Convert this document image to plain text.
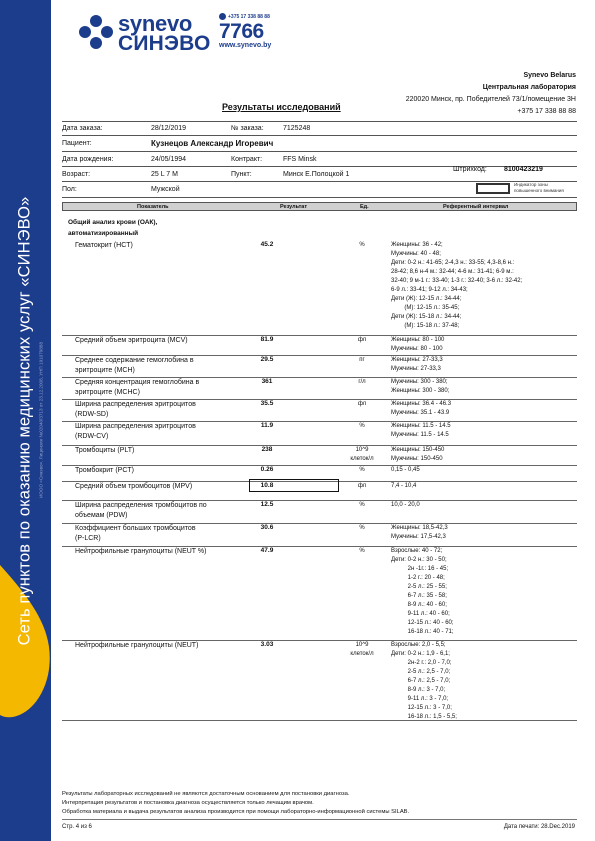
Сеть пунктов по оказанию медицинских услуг «СИНЭВО» ИООО «Синэво». Лицензия №02040/3713 от 23.12.2008, УНП 191079888
synevo
СИНЭВО
+375 17 338 88 88
7766
www.synevo.by
Synevo Belarus
Центральная лаборатория
220020 Минск, пр. Победителей 73/1/помещение 3Н
+375 17 338 88 88
Результаты исследований
Дата заказа:	28/12/2019	№ заказа:	7125248
Пациент:	Кузнецов Александр Игоревич
Дата рождения:	24/05/1994	Контракт:	FFS Minsk
Возраст:	25 L 7 M	Пункт:	Минск Е.Полоцкой 1
Штрихкод: 8100423219
Пол:	Мужской
Индикатор зоны
повышенного внимания
Показатель	Результат	Ед.	Референтный интервал
Общий анализ крови (ОАК),
автоматизированный
Гематокрит (HCT)	45.2	%	Женщины: 36 - 42;
Мужчины: 40 - 48;
Дети: 0-2 н.: 41-65; 2-4,3 н.: 33-55; 4,3-8,6 н.:
28-42; 8,6 н-4 м.: 32-44; 4-6 м.: 31-41; 6-9 м.:
32-40; 9 м-1 г.: 33-40; 1-3 г.: 32-40; 3-6 л.: 32-42;
6-9 л.: 33-41; 9-12 л.: 34-43;
Дети (Ж): 12-15 л.: 34-44;
(М): 12-15 л.: 35-45;
Дети (Ж): 15-18 л.: 34-44;
(М): 15-18 л.: 37-48;
Средний объем эритроцита (MCV)	81.9	фл	Женщины: 80 - 100
Мужчины: 80 - 100
Среднее содержание гемоглобина в
эритроците (MCH)
29.5	пг	Женщины: 27-33,3
Мужчины: 27-33,3
Средняя концентрация гемоглобина в
эритроците (MCHC)
361	г/л	Мужчины: 300 - 380;
Женщины: 300 - 380;
Ширина распределения эритроцитов
(RDW-SD)
35.5	фл	Женщины: 36.4 - 46.3
Мужчины: 35.1 - 43.9
Ширина распределения эритроцитов
(RDW-CV)
11.9	%	Женщины: 11.5 - 14.5
Мужчины: 11.5 - 14.5
Тромбоциты (PLT)	238	10^9
клеток/л
Женщины: 150-450
Мужчины: 150-450
Тромбокрит (PCT)	0.26	%	0,15 - 0,45
Средний объем тромбоцитов (MPV)	10.8	фл	7,4 - 10,4
Ширина распределения тромбоцитов по
объемам (PDW)
12.5	%	10,0 - 20,0
Коэффициент больших тромбоцитов
(P-LCR)
30.6	%	Женщины: 18,5-42,3
Мужчины: 17,5-42,3
Нейтрофильные гранулоциты (NEUT %)	47.9	%	Взрослые: 40 - 72;
Дети: 0-2 н.: 30 - 50;
2н -1г.: 16 - 45;
1-2 г.: 20 - 48;
2-5 л.: 25 - 55;
6-7 л.: 35 - 58;
8-9 л.: 40 - 60;
9-11 л.: 40 - 60;
12-15 л.: 40 - 60;
16-18 л.: 40 - 71;
Нейтрофильные гранулоциты (NEUT)	3.03	10^9
клеток/л
Взрослые: 2,0 - 5,5;
Дети: 0-2 н.: 1,9 - 6,1;
2н-2 г.: 2,0 - 7,0;
2-5 л.: 2,5 - 7,0;
6-7 л.: 2,5 - 7,0;
8-9 л.: 3 - 7,0;
9-11 л.: 3 - 7,0;
12-15 л.: 3 - 7,0;
16-18 л.: 1,5 - 5,5;
Результаты лабораторных исследований не являются достаточным основанием для постановки диагноза.
Интерпретация результатов и постановка диагноза осуществляется только лечащим врачом.
Обработка материала и выдача результатов анализа производится при помощи лабораторно-информационной системы SILAB.
Стр. 4 из 6	Дата печати: 28.Dec.2019
